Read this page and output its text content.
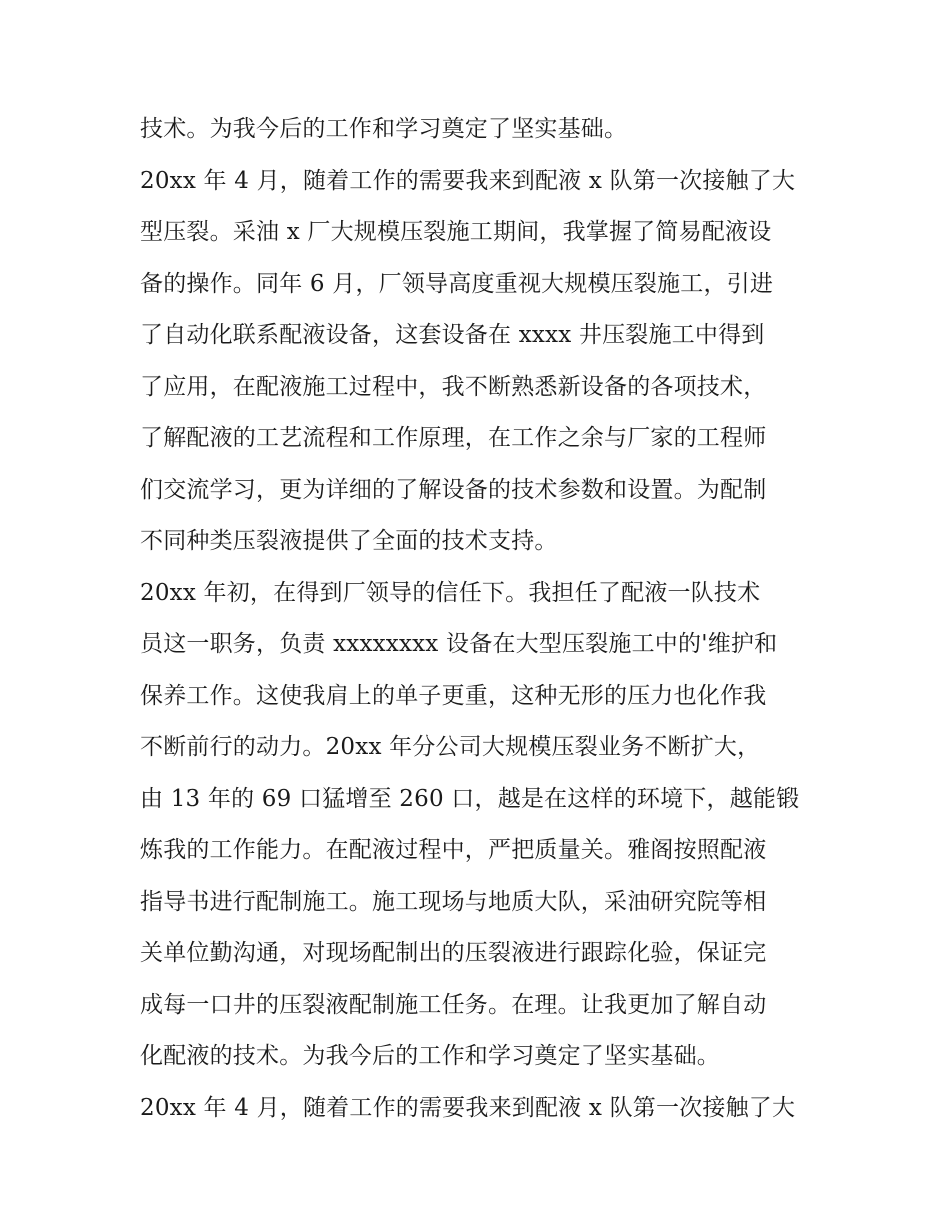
技术。为我今后的工作和学习奠定了坚实基础。
20xx 年 4 月，随着工作的需要我来到配液 x 队第一次接触了大
型压裂。采油 x 厂大规模压裂施工期间，我掌握了简易配液设
备的操作。同年 6 月，厂领导高度重视大规模压裂施工，引进
了自动化联系配液设备，这套设备在 xxxx 井压裂施工中得到
了应用，在配液施工过程中，我不断熟悉新设备的各项技术，
了解配液的工艺流程和工作原理，在工作之余与厂家的工程师
们交流学习，更为详细的了解设备的技术参数和设置。为配制
不同种类压裂液提供了全面的技术支持。
20xx 年初，在得到厂领导的信任下。我担任了配液一队技术
员这一职务，负责 xxxxxxxx 设备在大型压裂施工中的'维护和
保养工作。这使我肩上的单子更重，这种无形的压力也化作我
不断前行的动力。20xx 年分公司大规模压裂业务不断扩大，
由 13 年的 69 口猛增至 260 口，越是在这样的环境下，越能锻
炼我的工作能力。在配液过程中，严把质量关。雅阁按照配液
指导书进行配制施工。施工现场与地质大队，采油研究院等相
关单位勤沟通，对现场配制出的压裂液进行跟踪化验，保证完
成每一口井的压裂液配制施工任务。在理。让我更加了解自动
化配液的技术。为我今后的工作和学习奠定了坚实基础。
20xx 年 4 月，随着工作的需要我来到配液 x 队第一次接触了大
